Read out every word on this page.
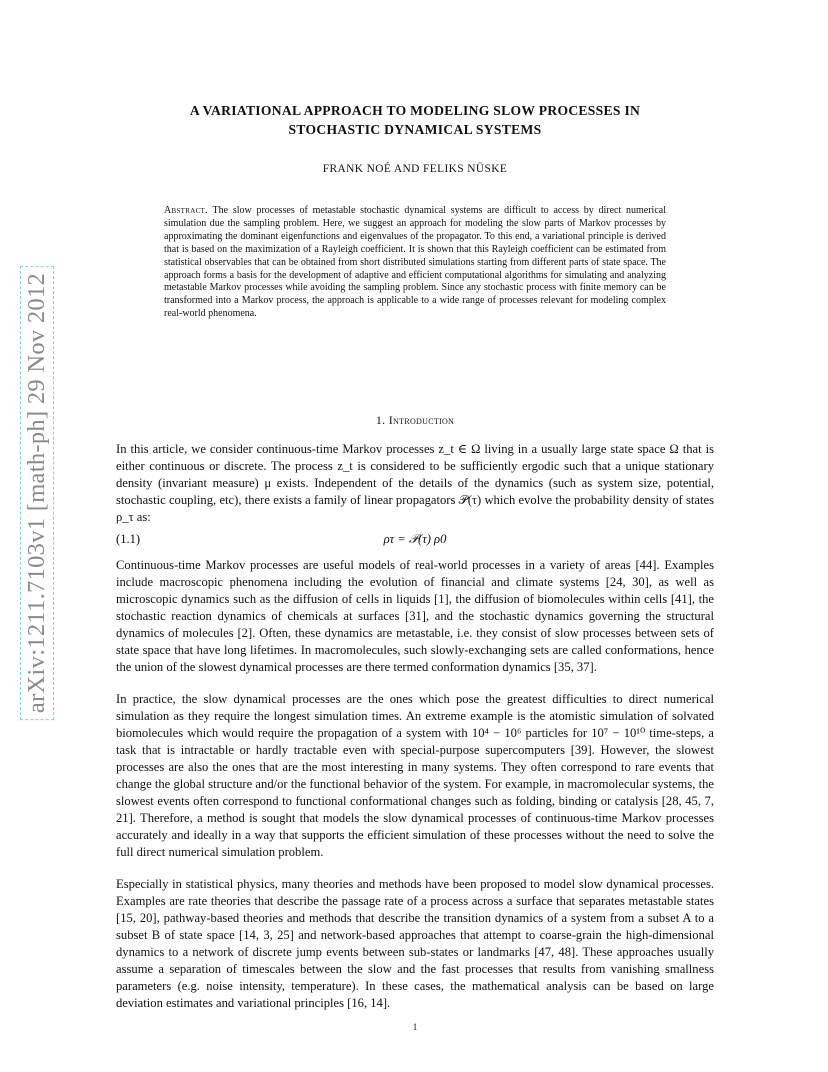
arXiv:1211.7103v1 [math-ph] 29 Nov 2012
A VARIATIONAL APPROACH TO MODELING SLOW PROCESSES IN
STOCHASTIC DYNAMICAL SYSTEMS
FRANK NOÉ AND FELIKS NÜSKE
Abstract. The slow processes of metastable stochastic dynamical systems are difficult to access by direct numerical simulation due the sampling problem. Here, we suggest an approach for modeling the slow parts of Markov processes by approximating the dominant eigenfunctions and eigenvalues of the propagator. To this end, a variational principle is derived that is based on the maximization of a Rayleigh coefficient. It is shown that this Rayleigh coefficient can be estimated from statistical observables that can be obtained from short distributed simulations starting from different parts of state space. The approach forms a basis for the development of adaptive and efficient computational algorithms for simulating and analyzing metastable Markov processes while avoiding the sampling problem. Since any stochastic process with finite memory can be transformed into a Markov process, the approach is applicable to a wide range of processes relevant for modeling complex real-world phenomena.
1. Introduction
In this article, we consider continuous-time Markov processes z_t ∈ Ω living in a usually large state space Ω that is either continuous or discrete. The process z_t is considered to be sufficiently ergodic such that a unique stationary density (invariant measure) μ exists. Independent of the details of the dynamics (such as system size, potential, stochastic coupling, etc), there exists a family of linear propagators 𝒫(τ) which evolve the probability density of states ρ_τ as:
(1.1)	ρτ = 𝒫(τ) ρ0
Continuous-time Markov processes are useful models of real-world processes in a variety of areas [44]. Examples include macroscopic phenomena including the evolution of financial and climate systems [24, 30], as well as microscopic dynamics such as the diffusion of cells in liquids [1], the diffusion of biomolecules within cells [41], the stochastic reaction dynamics of chemicals at surfaces [31], and the stochastic dynamics governing the structural dynamics of molecules [2]. Often, these dynamics are metastable, i.e. they consist of slow processes between sets of state space that have long lifetimes. In macromolecules, such slowly-exchanging sets are called conformations, hence the union of the slowest dynamical processes are there termed conformation dynamics [35, 37].
In practice, the slow dynamical processes are the ones which pose the greatest difficulties to direct numerical simulation as they require the longest simulation times. An extreme example is the atomistic simulation of solvated biomolecules which would require the propagation of a system with 10⁴ − 10⁶ particles for 10⁷ − 10¹⁰ time-steps, a task that is intractable or hardly tractable even with special-purpose supercomputers [39]. However, the slowest processes are also the ones that are the most interesting in many systems. They often correspond to rare events that change the global structure and/or the functional behavior of the system. For example, in macromolecular systems, the slowest events often correspond to functional conformational changes such as folding, binding or catalysis [28, 45, 7, 21]. Therefore, a method is sought that models the slow dynamical processes of continuous-time Markov processes accurately and ideally in a way that supports the efficient simulation of these processes without the need to solve the full direct numerical simulation problem.
Especially in statistical physics, many theories and methods have been proposed to model slow dynamical processes. Examples are rate theories that describe the passage rate of a process across a surface that separates metastable states [15, 20], pathway-based theories and methods that describe the transition dynamics of a system from a subset A to a subset B of state space [14, 3, 25] and network-based approaches that attempt to coarse-grain the high-dimensional dynamics to a network of discrete jump events between sub-states or landmarks [47, 48]. These approaches usually assume a separation of timescales between the slow and the fast processes that results from vanishing smallness parameters (e.g. noise intensity, temperature). In these cases, the mathematical analysis can be based on large deviation estimates and variational principles [16, 14].
1
